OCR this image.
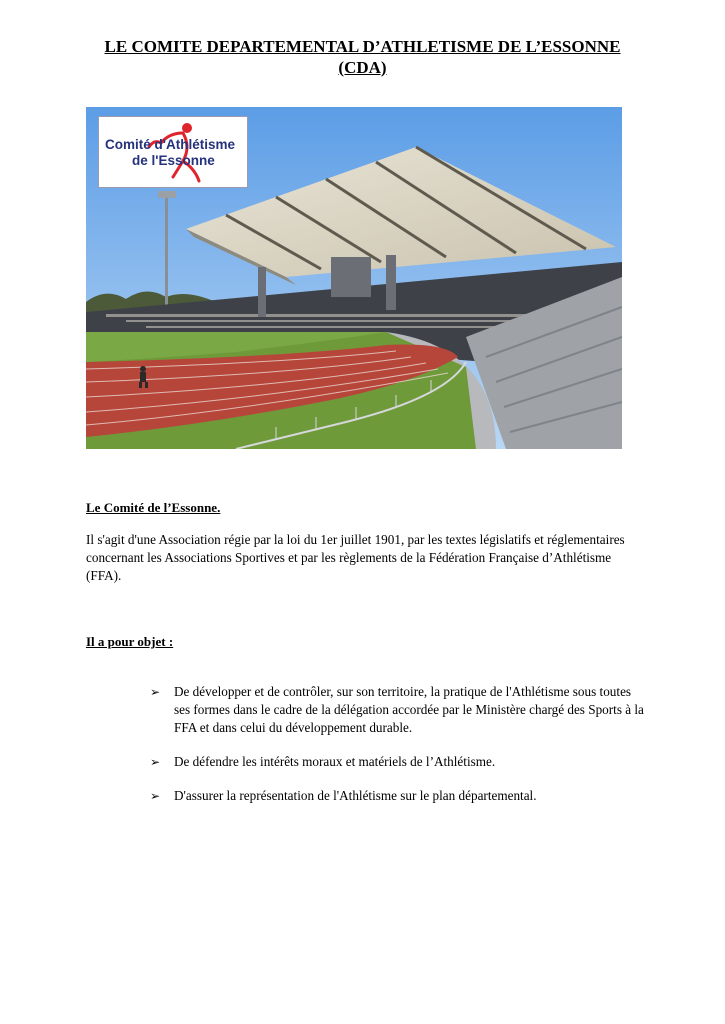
LE COMITE DEPARTEMENTAL D’ATHLETISME DE L’ESSONNE
(CDA)
Comité d'Athlétisme
de l'Essonne
Le Comité de l’Essonne.
Il s'agit d'une Association régie par la loi du 1er juillet 1901, par les textes législatifs et réglementaires concernant les Associations Sportives et par les règlements de la Fédération Française d’Athlétisme (FFA).
Il a pour objet :
➢ De développer et de contrôler, sur son territoire, la pratique de l'Athlétisme sous toutes ses formes dans le cadre de la délégation accordée par le Ministère chargé des Sports à la FFA et dans celui du développement durable.
➢ De défendre les intérêts moraux et matériels de l’Athlétisme.
➢ D'assurer la représentation de l'Athlétisme sur le plan départemental.
